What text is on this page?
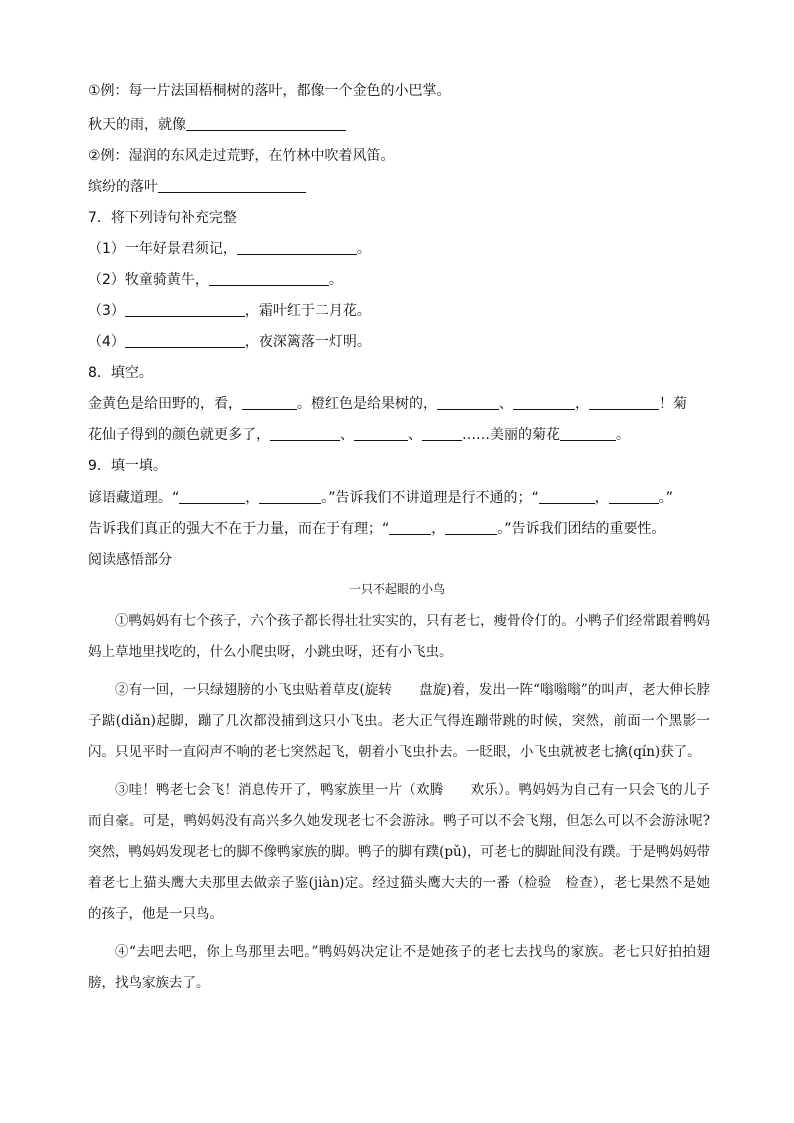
①例：每一片法国梧桐树的落叶，都像一个金色的小巴掌。
秋天的雨，就像
②例：湿润的东风走过荒野，在竹林中吹着风笛。
缤纷的落叶
7．将下列诗句补充完整
（1）一年好景君须记，	。
（2）牧童骑黄牛，	。
（3）	，霜叶红于二月花。
（4）	，夜深篱落一灯明。
8．填空。
金黄色是给田野的，看，	。橙红色是给果树的，	、	，	！菊
花仙子得到的颜色就更多了，	、	、	……美丽的菊花	。
9．填一填。
谚语藏道理。“	，	。”告诉我们不讲道理是行不通的；“	，	。”
告诉我们真正的强大不在于力量，而在于有理；“	，	。”告诉我们团结的重要性。
阅读感悟部分
一只不起眼的小鸟

①鸭妈妈有七个孩子，六个孩子都长得壮壮实实的，只有老七，瘦骨伶仃的。小鸭子们经常跟着鸭妈妈上草地里找吃的，什么小爬虫呀，小跳虫呀，还有小飞虫。

②有一回，一只绿翅膀的小飞虫贴着草皮(旋转　　盘旋)着，发出一阵“嗡嗡嗡”的叫声，老大伸长脖子踮(diǎn)起脚，蹦了几次都没捕到这只小飞虫。老大正气得连蹦带跳的时候，突然，前面一个黑影一闪。只见平时一直闷声不响的老七突然起飞，朝着小飞虫扑去。一眨眼，小飞虫就被老七擒(qín)获了。

③哇！鸭老七会飞！消息传开了，鸭家族里一片（欢腾　　欢乐）。鸭妈妈为自己有一只会飞的儿子而自豪。可是，鸭妈妈没有高兴多久她发现老七不会游泳。鸭子可以不会飞翔，但怎么可以不会游泳呢?突然，鸭妈妈发现老七的脚不像鸭家族的脚。鸭子的脚有蹼(pǔ)，可老七的脚趾间没有蹼。于是鸭妈妈带着老七上猫头鹰大夫那里去做亲子鉴(jiàn)定。经过猫头鹰大夫的一番（检验　检查），老七果然不是她的孩子，他是一只鸟。

④“去吧去吧，你上鸟那里去吧。”鸭妈妈决定让不是她孩子的老七去找鸟的家族。老七只好拍拍翅膀，找鸟家族去了。
